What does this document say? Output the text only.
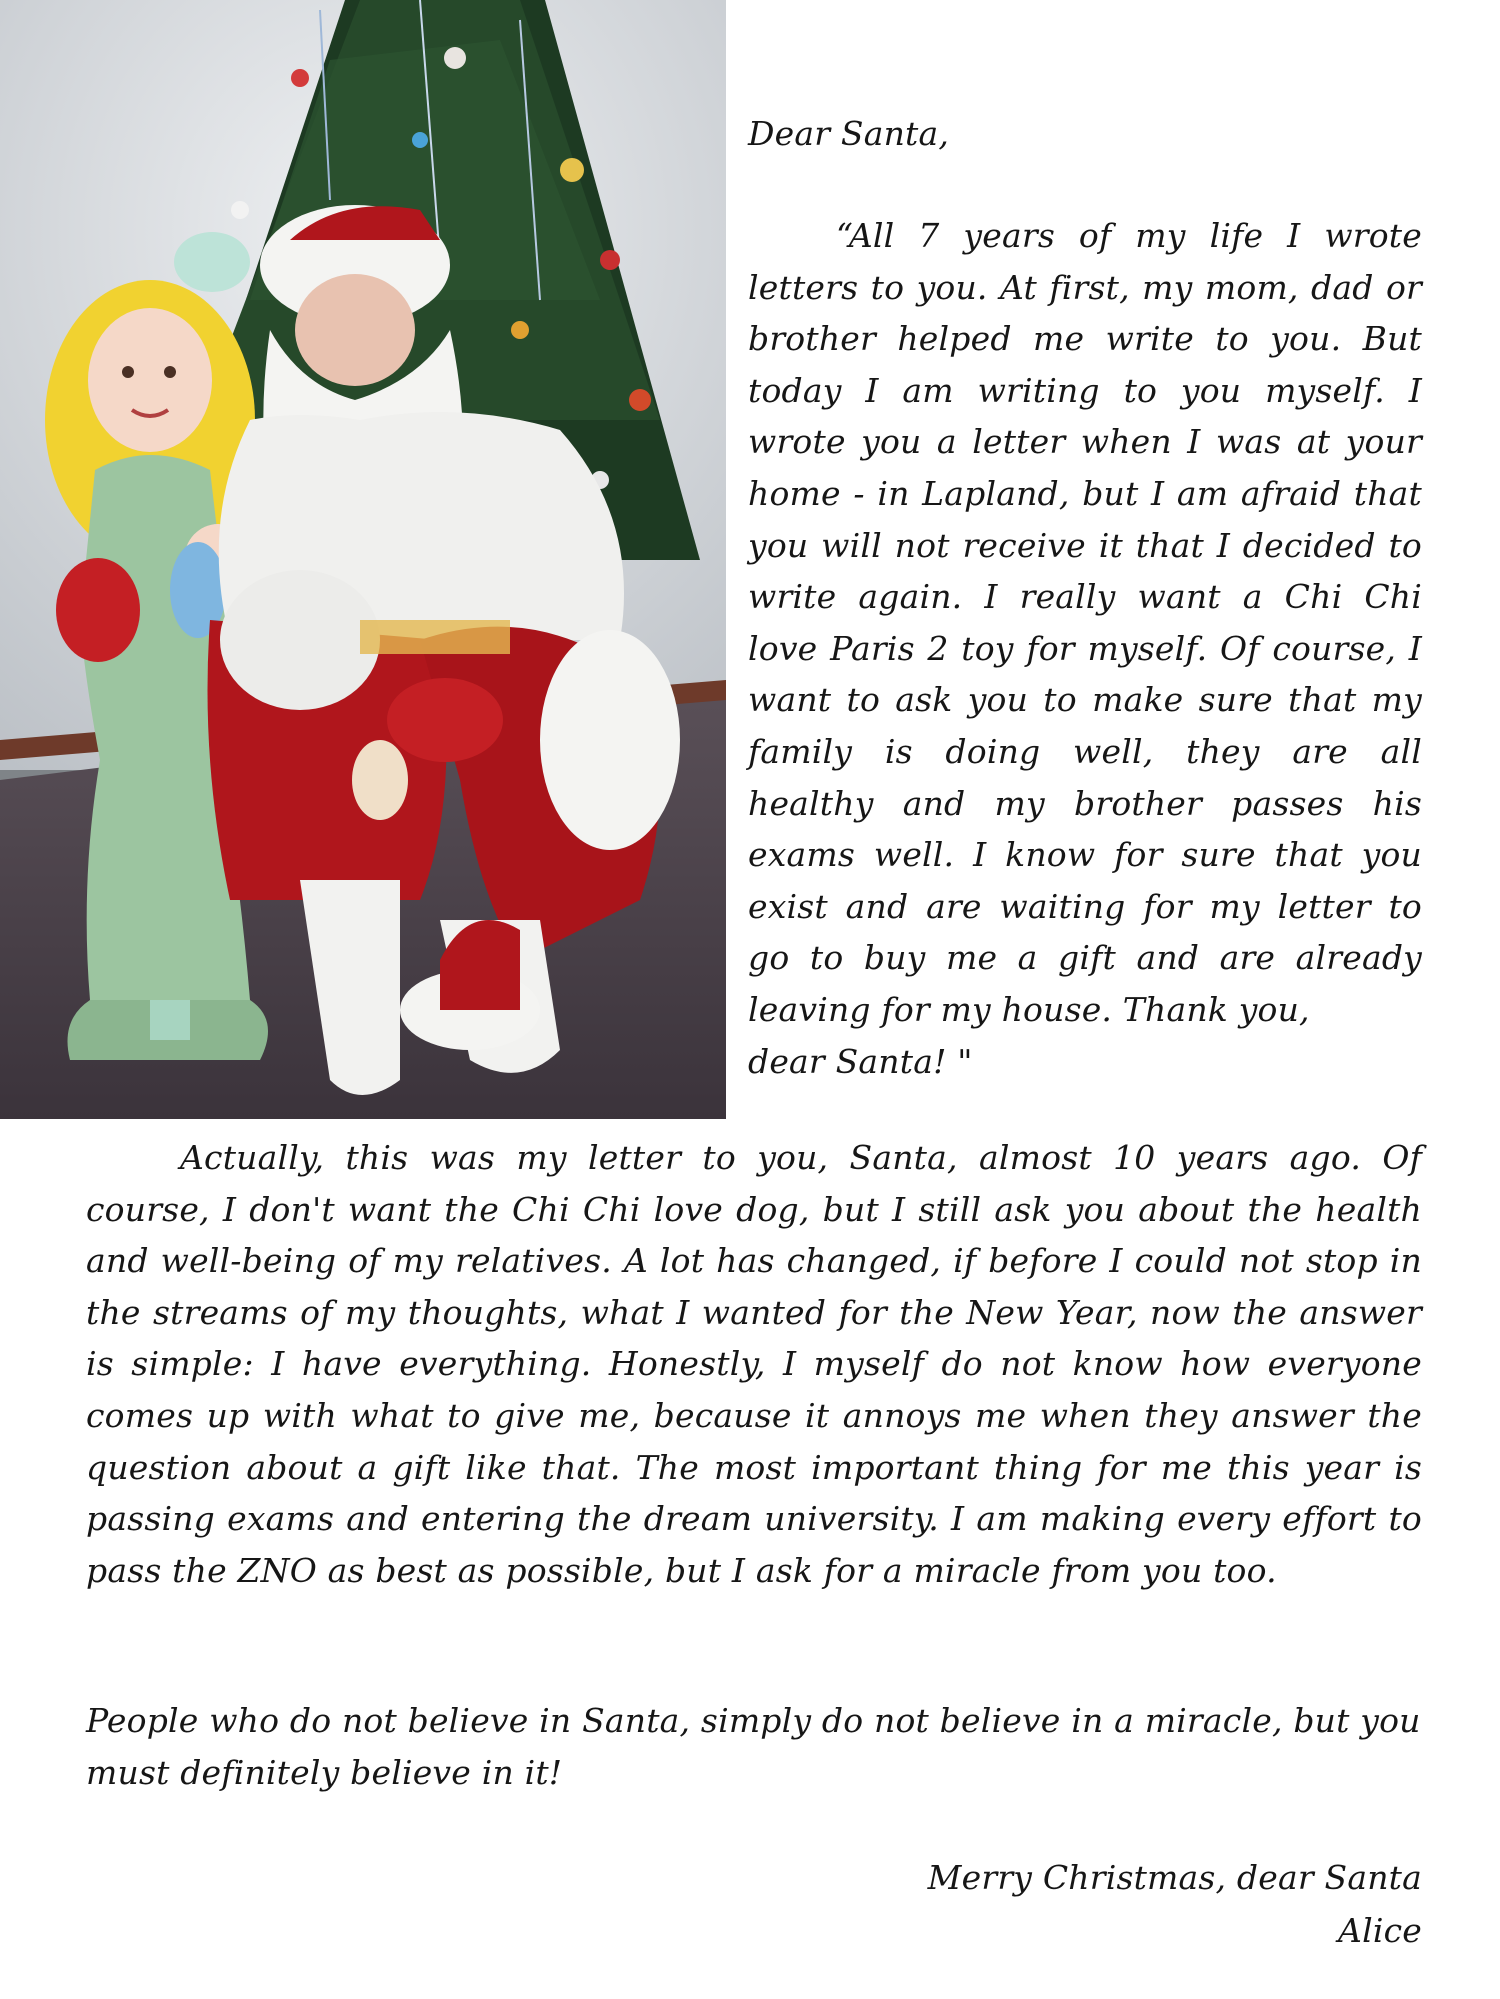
Dear Santa,

“All 7 years of my life I wrote letters to you. At first, my mom, dad or brother helped me write to you. But today I am writing to you myself. I wrote you a letter when I was at your home - in Lapland, but I am afraid that you will not receive it that I decided to write again. I really want a Chi Chi love Paris 2 toy for myself. Of course, I want to ask you to make sure that my family is doing well, they are all healthy and my brother passes his exams well. I know for sure that you exist and are waiting for my letter to go to buy me a gift and are already leaving for my house. Thank you,
dear Santa! "

Actually, this was my letter to you, Santa, almost 10 years ago. Of course, I don't want the Chi Chi love dog, but I still ask you about the health and well-being of my relatives. A lot has changed, if before I could not stop in the streams of my thoughts, what I wanted for the New Year, now the answer is simple: I have everything. Honestly, I myself do not know how everyone comes up with what to give me, because it annoys me when they answer the question about a gift like that. The most important thing for me this year is passing exams and entering the dream university. I am making every effort to pass the ZNO as best as possible, but I ask for a miracle from you too.

People who do not believe in Santa, simply do not believe in a miracle, but you must definitely believe in it!

Merry Christmas, dear Santa

Alice
